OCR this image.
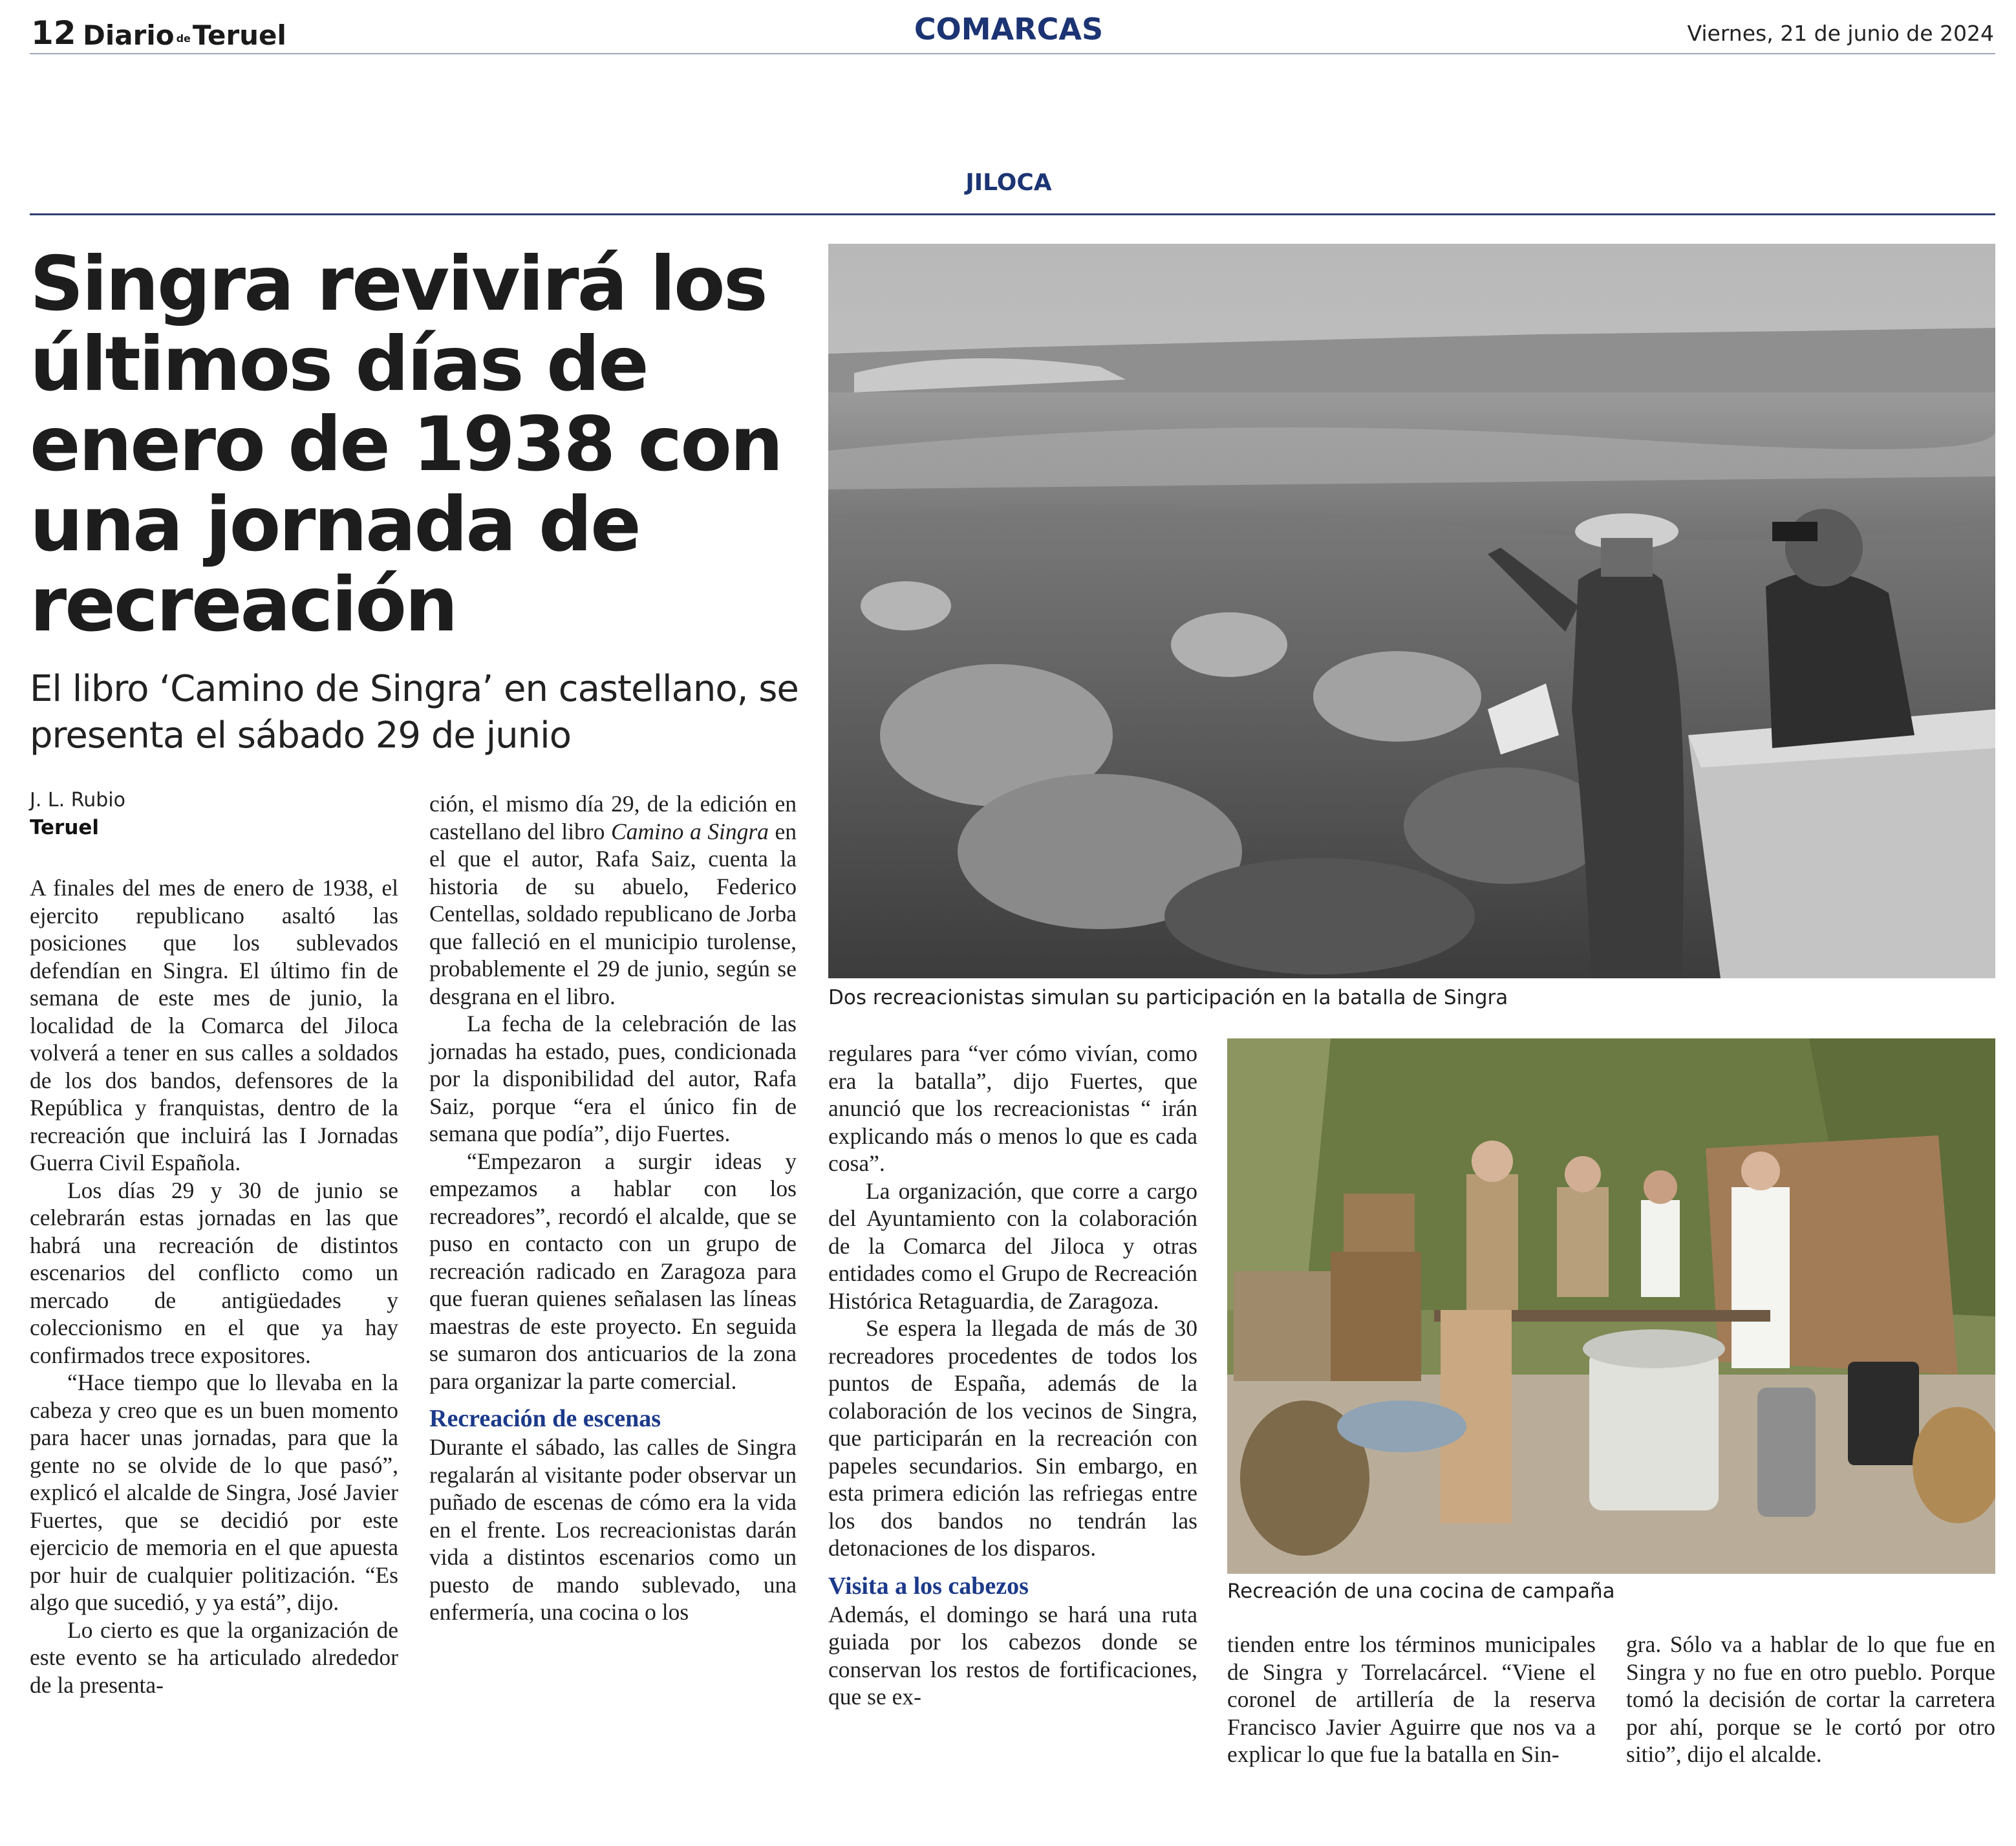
12 Diario deTeruel	COMARCAS	Viernes, 21 de junio de 2024
JILOCA
Singra revivirá los últimos días de enero de 1938 con una jornada de recreación
El libro ‘Camino de Singra’ en castellano, se presenta el sábado 29 de junio
J. L. Rubio
Teruel

A finales del mes de enero de 1938, el ejercito republicano asaltó las posiciones que los sublevados defendían en Singra. El último fin de semana de este mes de junio, la localidad de la Comarca del Jiloca volverá a tener en sus calles a soldados de los dos bandos, defensores de la República y franquistas, dentro de la recreación que incluirá las I Jornadas Guerra Civil Española.

Los días 29 y 30 de junio se celebrarán estas jornadas en las que habrá una recreación de distintos escenarios del conflicto como un mercado de antigüedades y coleccionismo en el que ya hay confirmados trece expositores.

“Hace tiempo que lo llevaba en la cabeza y creo que es un buen momento para hacer unas jornadas, para que la gente no se olvide de lo que pasó”, explicó el alcalde de Singra, José Javier Fuertes, que se decidió por este ejercicio de memoria en el que apuesta por huir de cualquier politización. “Es algo que sucedió, y ya está”, dijo.

Lo cierto es que la organización de este evento se ha articulado alrededor de la presenta-

ción, el mismo día 29, de la edición en castellano del libro Camino a Singra en el que el autor, Rafa Saiz, cuenta la historia de su abuelo, Federico Centellas, soldado republicano de Jorba que falleció en el municipio turolense, probablemente el 29 de junio, según se desgrana en el libro.

La fecha de la celebración de las jornadas ha estado, pues, condicionada por la disponibilidad del autor, Rafa Saiz, porque “era el único fin de semana que podía”, dijo Fuertes.

“Empezaron a surgir ideas y empezamos a hablar con los recreadores”, recordó el alcalde, que se puso en contacto con un grupo de recreación radicado en Zaragoza para que fueran quienes señalasen las líneas maestras de este proyecto. En seguida se sumaron dos anticuarios de la zona para organizar la parte comercial.

Recreación de escenas

Durante el sábado, las calles de Singra regalarán al visitante poder observar un puñado de escenas de cómo era la vida en el frente. Los recreacionistas darán vida a distintos escenarios como un puesto de mando sublevado, una enfermería, una cocina o los

Dos recreacionistas simulan su participación en la batalla de Singra
Recreación de una cocina de campaña

regulares para “ver cómo vivían, como era la batalla”, dijo Fuertes, que anunció que los recreacionistas “ irán explicando más o menos lo que es cada cosa”.

La organización, que corre a cargo del Ayuntamiento con la colaboración de la Comarca del Jiloca y otras entidades como el Grupo de Recreación Histórica Retaguardia, de Zaragoza.

Se espera la llegada de más de 30 recreadores procedentes de todos los puntos de España, además de la colaboración de los vecinos de Singra, que participarán en la recreación con papeles secundarios. Sin embargo, en esta primera edición las refriegas entre los dos bandos no tendrán las detonaciones de los disparos.

Visita a los cabezos

Además, el domingo se hará una ruta guiada por los cabezos donde se conservan los restos de fortificaciones, que se ex-

tienden entre los términos municipales de Singra y Torrelacárcel. “Viene el coronel de artillería de la reserva Francisco Javier Aguirre que nos va a explicar lo que fue la batalla en Sin-

gra. Sólo va a hablar de lo que fue en Singra y no fue en otro pueblo. Porque tomó la decisión de cortar la carretera por ahí, porque se le cortó por otro sitio”, dijo el alcalde.
